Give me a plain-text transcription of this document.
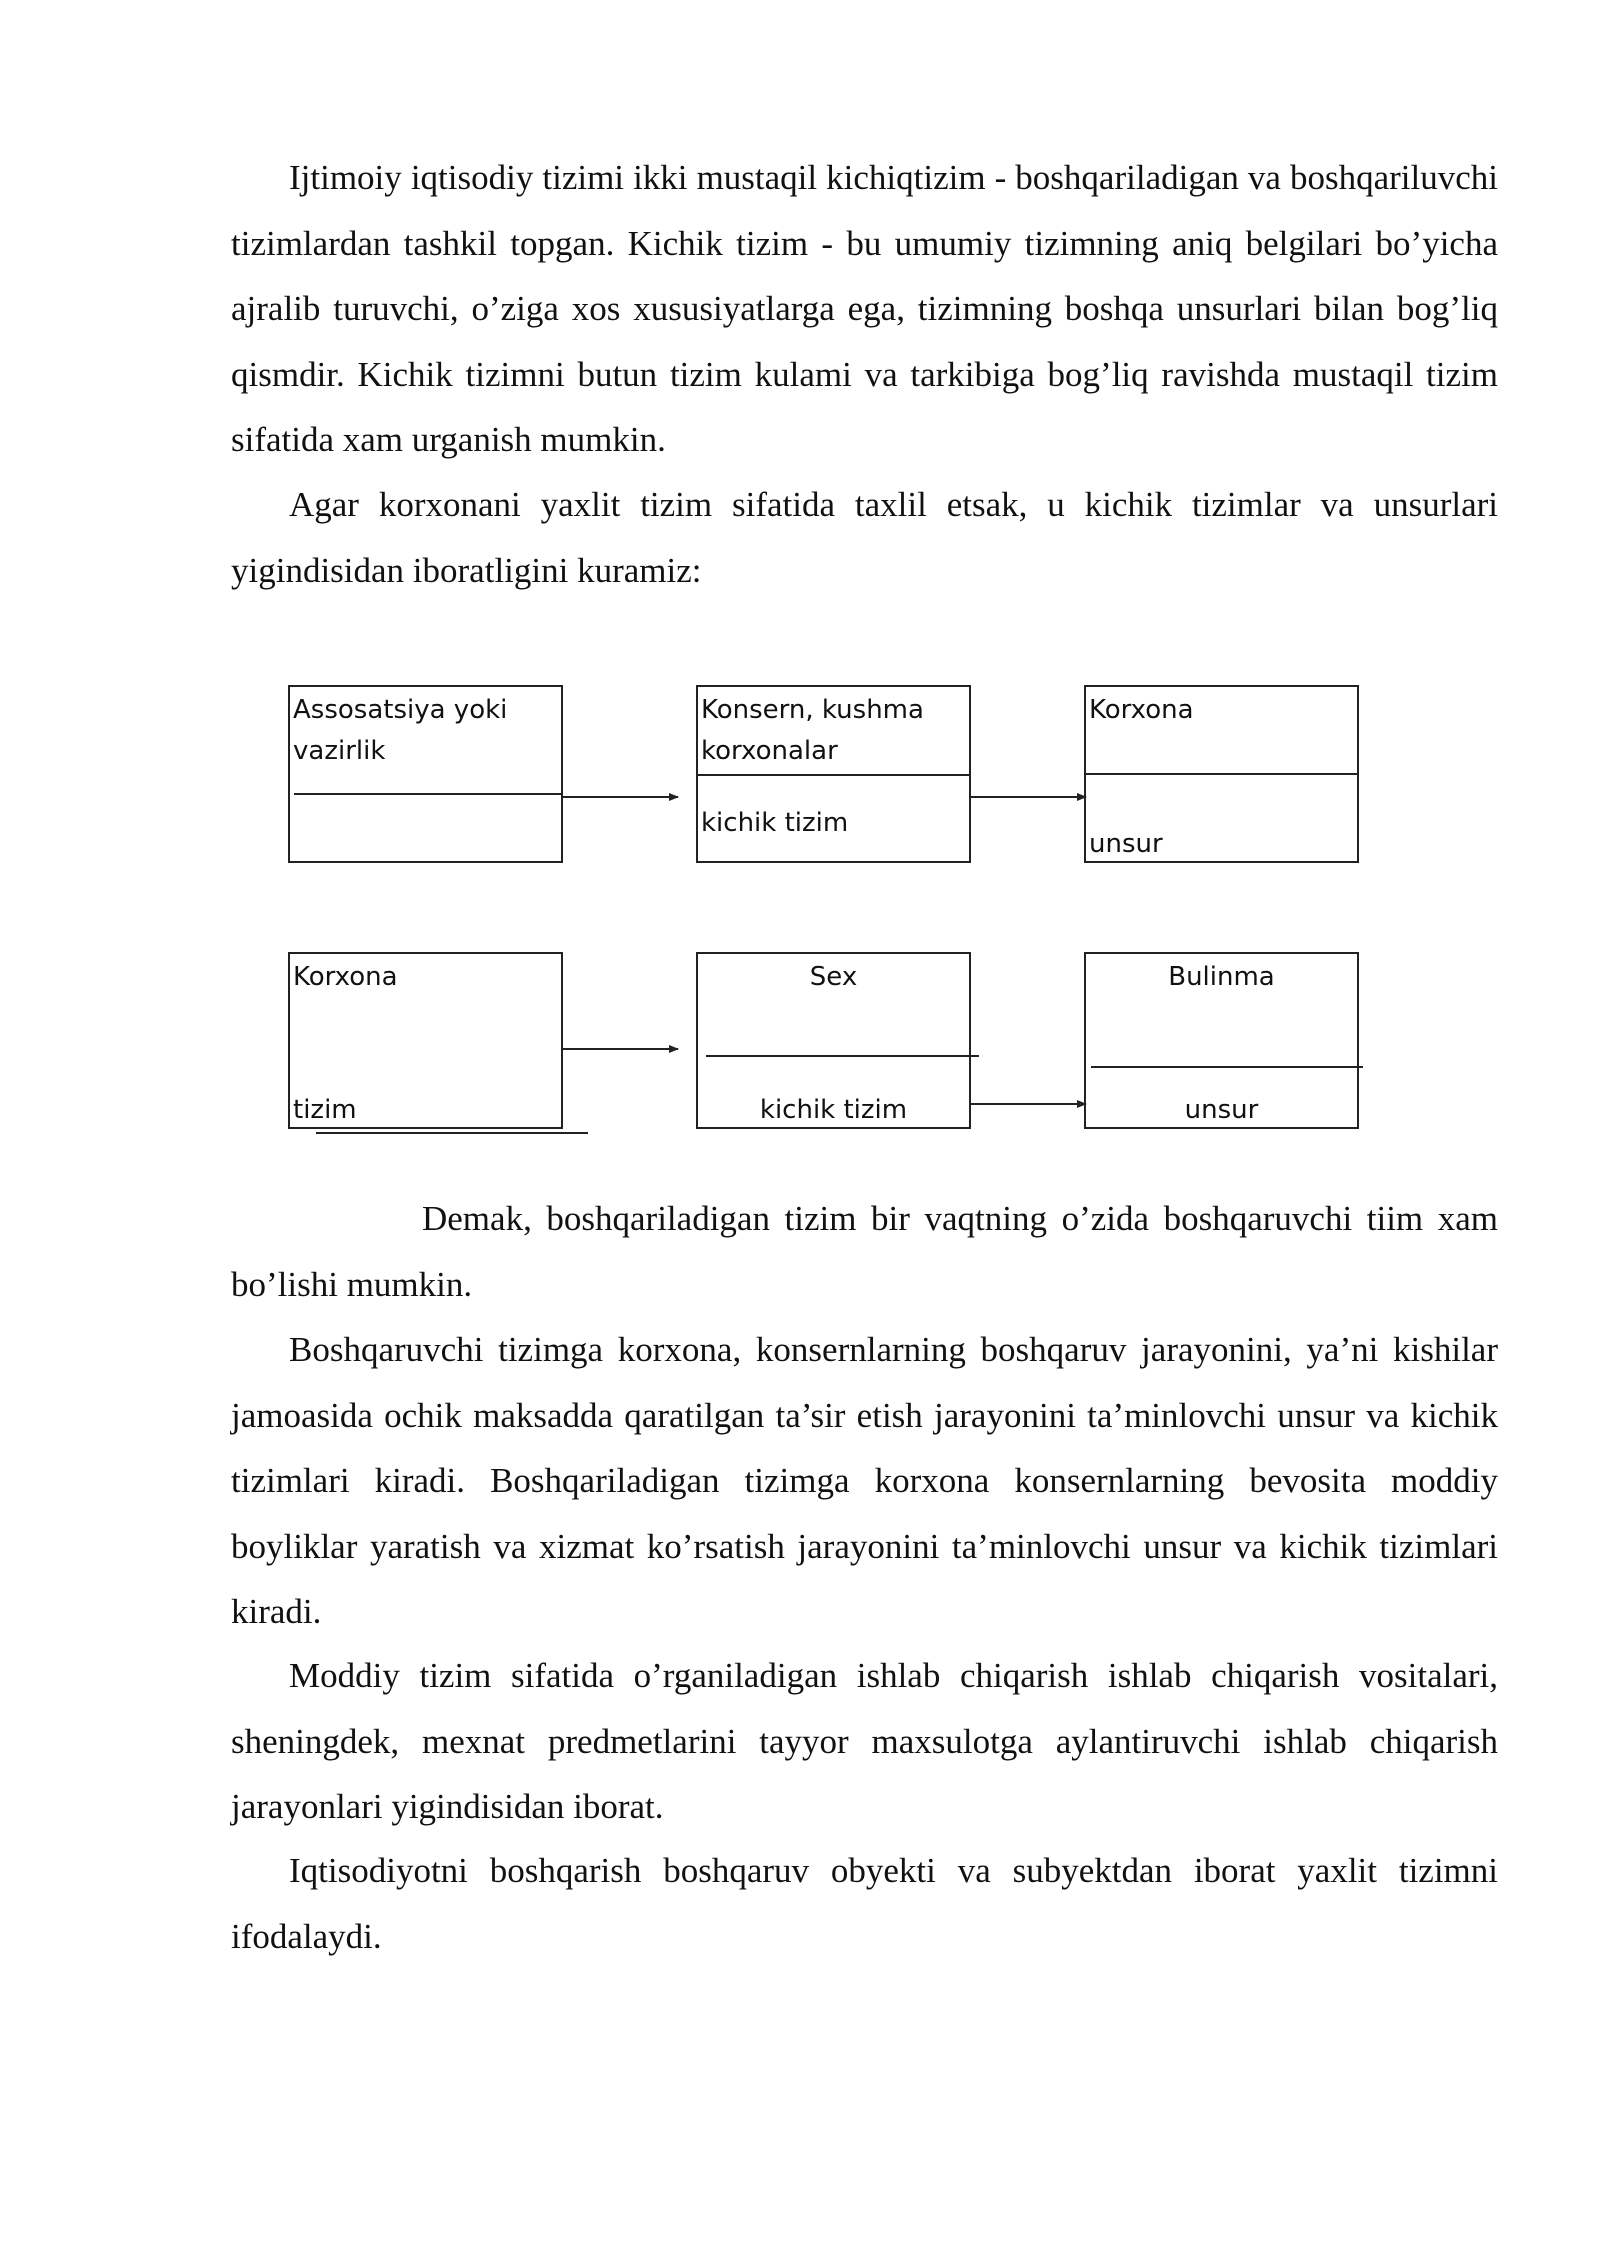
Ijtimoiy iqtisodiy tizimi ikki mustaqil kichiqtizim - boshqariladigan va boshqariluvchi tizimlardan tashkil topgan. Kichik tizim - bu umumiy tizimning aniq belgilari bo’yicha ajralib turuvchi, o’ziga xos xususiyatlarga ega, tizimning boshqa unsurlari bilan bog’liq qismdir. Kichik tizimni butun tizim kulami va tarkibiga bog’liq ravishda mustaqil tizim sifatida xam urganish mumkin.

Agar korxonani yaxlit tizim sifatida taxlil etsak, u kichik tizimlar va unsurlari yigindisidan iboratligini kuramiz:

Assosatsiya yoki
vazirlik
Konsern, kushma
korxonalar
kichik tizim
Korxona
unsur
Korxona
tizim
Sex
kichik tizim
Bulinma
unsur

Demak, boshqariladigan tizim bir vaqtning o’zida boshqaruvchi tiim xam bo’lishi mumkin.

Boshqaruvchi tizimga korxona, konsernlarning boshqaruv jarayonini, ya’ni kishilar jamoasida ochik maksadda qaratilgan ta’sir etish jarayonini ta’minlovchi unsur va kichik tizimlari kiradi. Boshqariladigan tizimga korxona konsernlarning bevosita moddiy boyliklar yaratish va xizmat ko’rsatish jarayonini ta’minlovchi unsur va kichik tizimlari kiradi.

Moddiy tizim sifatida o’rganiladigan ishlab chiqarish ishlab chiqarish vositalari, sheningdek, mexnat predmetlarini tayyor maxsulotga aylantiruvchi ishlab chiqarish jarayonlari yigindisidan iborat.

Iqtisodiyotni boshqarish boshqaruv obyekti va subyektdan iborat yaxlit tizimni ifodalaydi.
